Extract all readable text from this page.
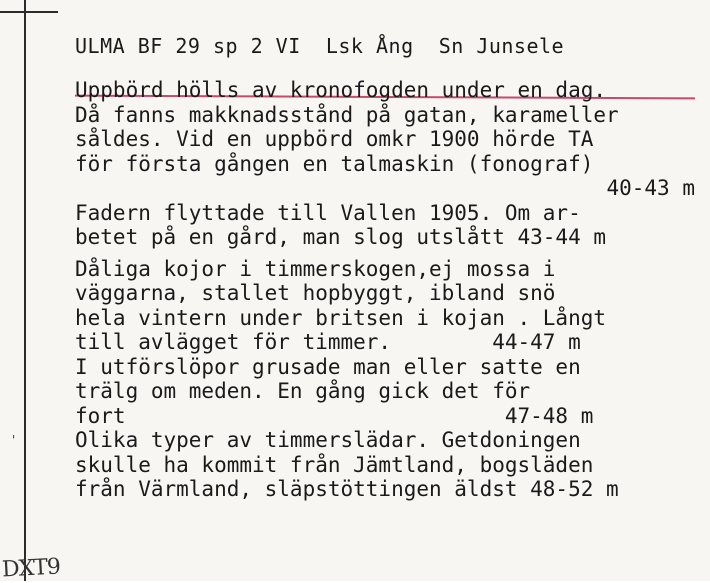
ULMA BF 29 sp 2 VI  Lsk Ång  Sn Junsele
Uppbörd hölls av kronofogden under en dag.
Då fanns makknadsstånd på gatan, karameller
såldes. Vid en uppbörd omkr 1900 hörde TA
för första gången en talmaskin (fonograf)
40-43 m
Fadern flyttade till Vallen 1905. Om ar-
betet på en gård, man slog utslått 43-44 m
Dåliga kojor i timmerskogen,ej mossa i
väggarna, stallet hopbyggt, ibland snö
hela vintern under britsen i kojan . Långt
till avlägget för timmer.        44-47 m
I utförslöpor grusade man eller satte en
trälg om meden. En gång gick det för
fort                              47-48 m
Olika typer av timmerslädar. Getdoningen
skulle ha kommit från Jämtland, bogsläden
från Värmland, släpstöttingen äldst 48-52 m
'
DXT9
